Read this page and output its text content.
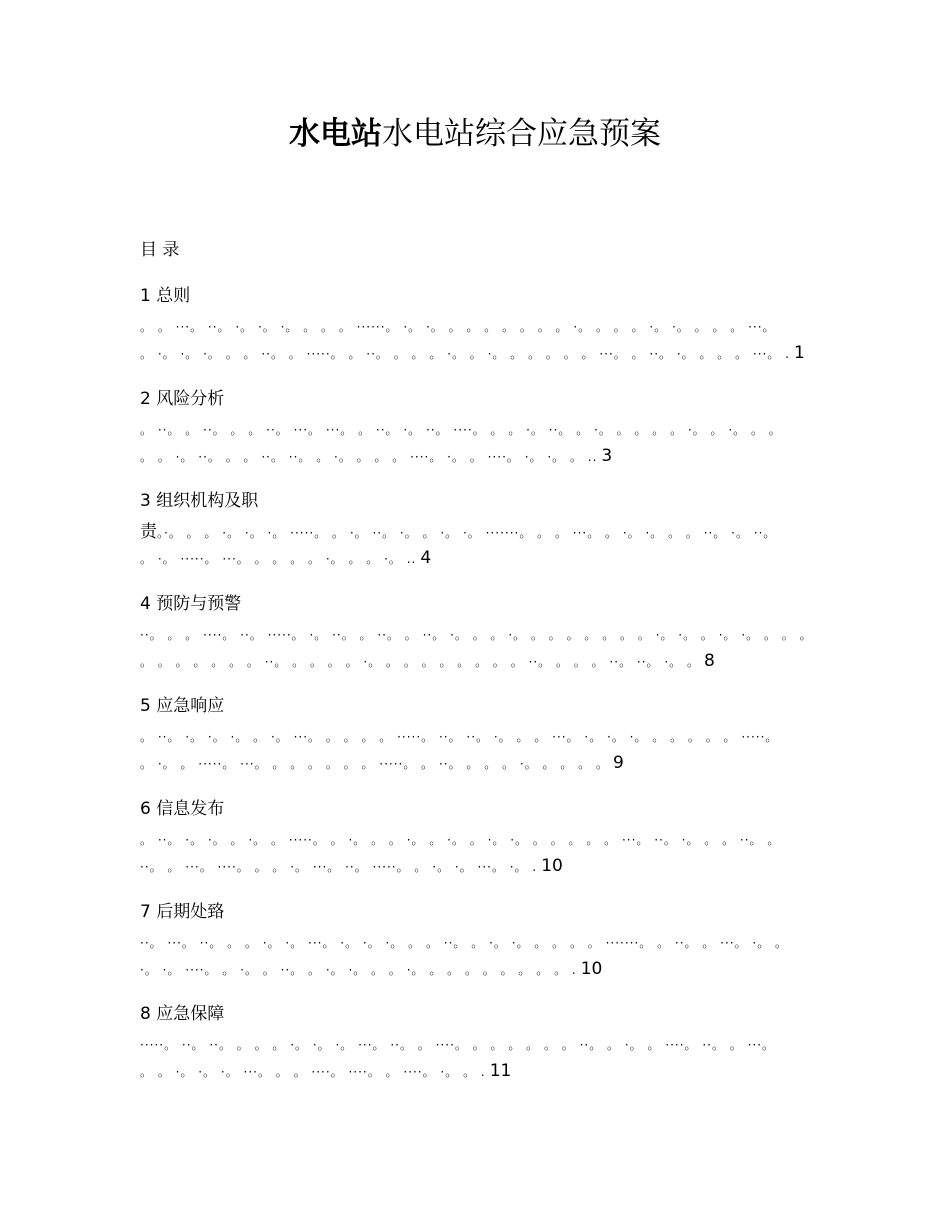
水电站水电站综合应急预案
目 录
1 总则
。 。 ···。 ··。 ·。 ·。 ·。 。 。 。 ······。 ·。 ·。 。 。 。 。 。 。 。 ·。 。 。 。 ·。 ·。 。 。 。 ···。
。 ·。 ·。 ·。 。 。 ··。 。 ·····。 。 ··。 。 。 。 ·。 。 ·。 。 。 。 。 。 ···。 。 ··。 ·。 。 。 。 ···。 . 1
2 风险分析
。 ··。 。 ··。 。 。 ··。 ···。 ···。 。 ··。 ·。 ··。 ····。 。 。 ·。 ··。 。 ·。 。 。 。 。 ·。 。 ·。 。 。
。 。 ·。 ··。 。 。 ··。 ··。 。 ·。 。 。 。 ····。 ·。 。 ····。 ·。 ·。 。 .. 3
3 组织机构及职
责。·。 。 。 ·。 ·。 ·。 ·····。 。 ·。 ··。 ·。 。 ·。 ·。 ·······。 。 。 ···。 。 ·。 ·。 。 。 ··。 ·。 ··。
。 ·。 ·····。 ···。 。 。 。 。 ·。 。 。 ·。 .. 4
4 预防与预警
··。 。 。 ····。 ··。 ·····。 ·。 ··。 。 ··。 。 ··。 ·。 。 。 ·。 。 。 。 。 。 。 。 ·。 ·。 。 ·。 ·。 。 。 。
。 。 。 。 。 。 。 ··。 。 。 。 。 ·。 。 。 。 。 。 。 。 。 ··。 。 。 。 ··。 ··。 ·。 。 8
5 应急响应
。 ··。 ·。 ·。 ·。 。 ·。 ···。 。 。 。 。 ·····。 ··。 ··。 ·。 。 。 ···。 ·。 ·。 ·。 。 。 。 。 。 ·····。
。 ·。 。 ·····。 ···。 。 。 。 。 。 。 ·····。 。 ··。 。 。 。 ·。 。 。 。 。 9
6 信息发布
。 ··。 ·。 ·。 。 ·。 。 ·····。 。 ·。 。 。 ·。 。 ·。 。 ·。 ·。 。 。 。 。 。 ···。 ··。 ·。 。 。 ··。 。
··。 。 ···。 ····。 。 。 ·。 ···。 ··。 ·····。 。 ·。 ·。 ···。 ·。 . 10
7 后期处臵
··。 ···。 ··。 。 。 ·。 ·。 ···。 ·。 ·。 ·。 。 。 ··。 。 ·。 ·。 。 。 。 。 ·······。 。 ··。 。 ···。 ·。 。
·。 ·。 ····。 。 ·。 。 ··。 。 ·。 ·。 。 。 ·。 。 。 。 。 。 。 。 。 . 10
8 应急保障
·····。 ··。 ··。 。 。 。 ·。 ·。 ·。 ···。 ··。 。 ····。 。 。 。 。 。 。 ··。 。 ·。 。 ····。 ··。 。 ···。
。 。 ·。 ·。 ·。 ···。 。 。 ····。 ····。 。 ····。 ·。 。 . 11
